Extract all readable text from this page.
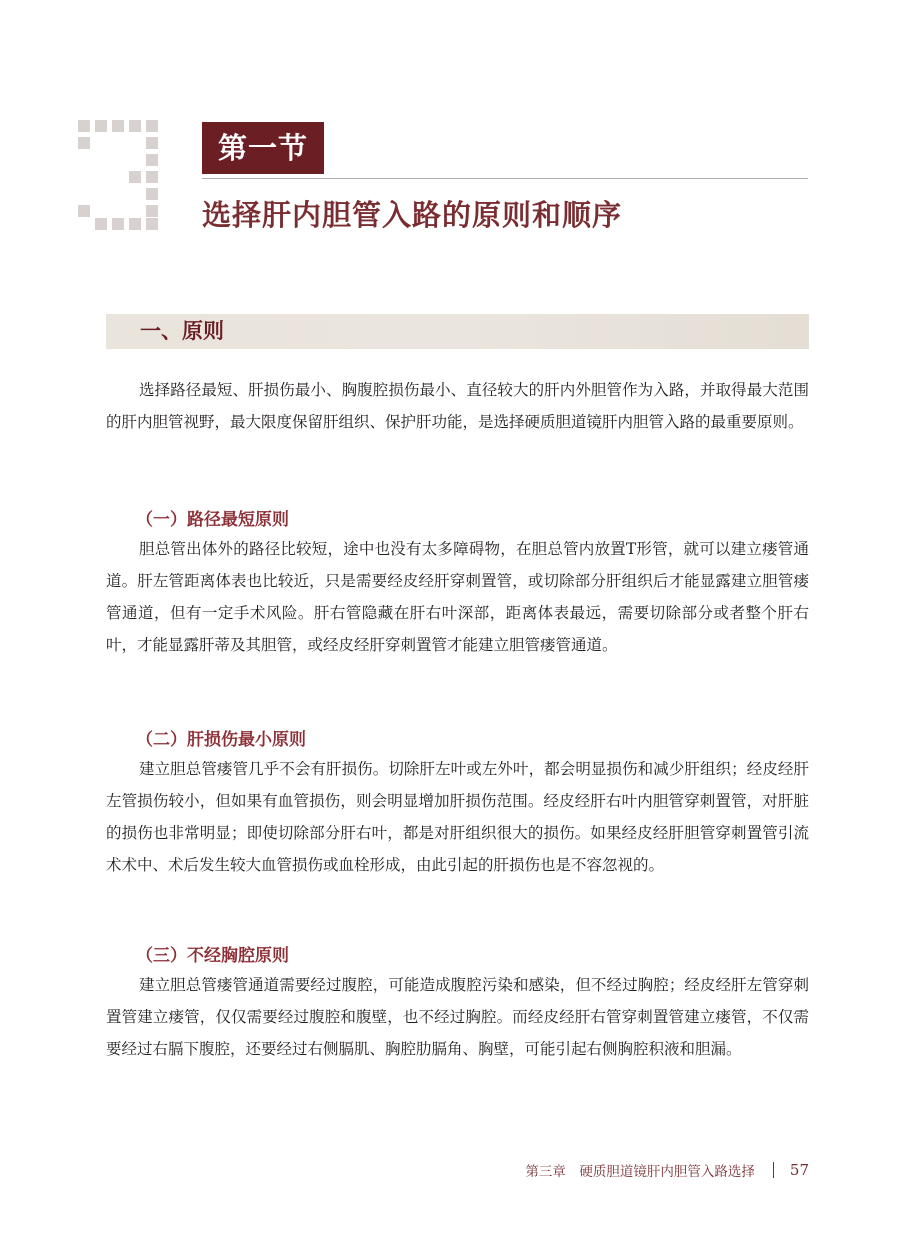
第一节
选择肝内胆管入路的原则和顺序
一、原则

选择路径最短、肝损伤最小、胸腹腔损伤最小、直径较大的肝内外胆管作为入路，并取得最大范围的肝内胆管视野，最大限度保留肝组织、保护肝功能，是选择硬质胆道镜肝内胆管入路的最重要原则。

（一）路径最短原则

胆总管出体外的路径比较短，途中也没有太多障碍物，在胆总管内放置T形管，就可以建立瘘管通道。肝左管距离体表也比较近，只是需要经皮经肝穿刺置管，或切除部分肝组织后才能显露建立胆管瘘管通道，但有一定手术风险。肝右管隐藏在肝右叶深部，距离体表最远，需要切除部分或者整个肝右叶，才能显露肝蒂及其胆管，或经皮经肝穿刺置管才能建立胆管瘘管通道。

（二）肝损伤最小原则

建立胆总管瘘管几乎不会有肝损伤。切除肝左叶或左外叶，都会明显损伤和减少肝组织；经皮经肝左管损伤较小，但如果有血管损伤，则会明显增加肝损伤范围。经皮经肝右叶内胆管穿刺置管，对肝脏的损伤也非常明显；即使切除部分肝右叶，都是对肝组织很大的损伤。如果经皮经肝胆管穿刺置管引流术术中、术后发生较大血管损伤或血栓形成，由此引起的肝损伤也是不容忽视的。

（三）不经胸腔原则

建立胆总管瘘管通道需要经过腹腔，可能造成腹腔污染和感染，但不经过胸腔；经皮经肝左管穿刺置管建立瘘管，仅仅需要经过腹腔和腹壁，也不经过胸腔。而经皮经肝右管穿刺置管建立瘘管，不仅需要经过右膈下腹腔，还要经过右侧膈肌、胸腔肋膈角、胸壁，可能引起右侧胸腔积液和胆漏。

第三章　硬质胆道镜肝内胆管入路选择 57
